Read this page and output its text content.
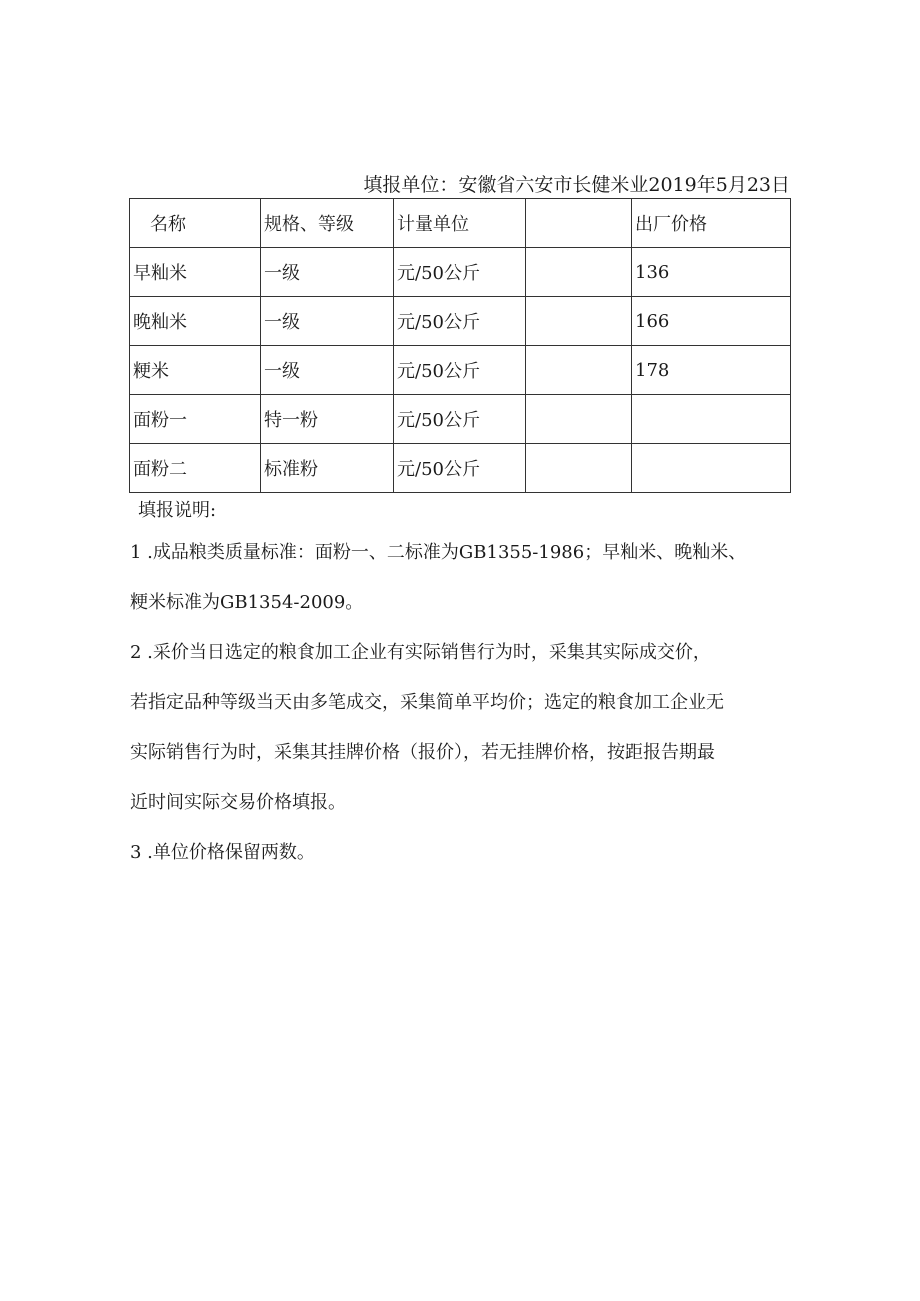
填报单位：安徽省六安市长健米业2019年5月23日
名称	规格、等级	计量单位		出厂价格
早籼米	一级	元/50公斤		136
晚籼米	一级	元/50公斤		166
粳米	一级	元/50公斤		178
面粉一	特一粉	元/50公斤		
面粉二	标准粉	元/50公斤		
填报说明:

1 .成品粮类质量标准：面粉一、二标准为GB1355-1986；早籼米、晚籼米、

粳米标准为GB1354-2009。

2 .采价当日选定的粮食加工企业有实际销售行为时，采集其实际成交价，

若指定品种等级当天由多笔成交，采集简单平均价；选定的粮食加工企业无

实际销售行为时，采集其挂牌价格（报价），若无挂牌价格，按距报告期最

近时间实际交易价格填报。

3 .单位价格保留两数。
